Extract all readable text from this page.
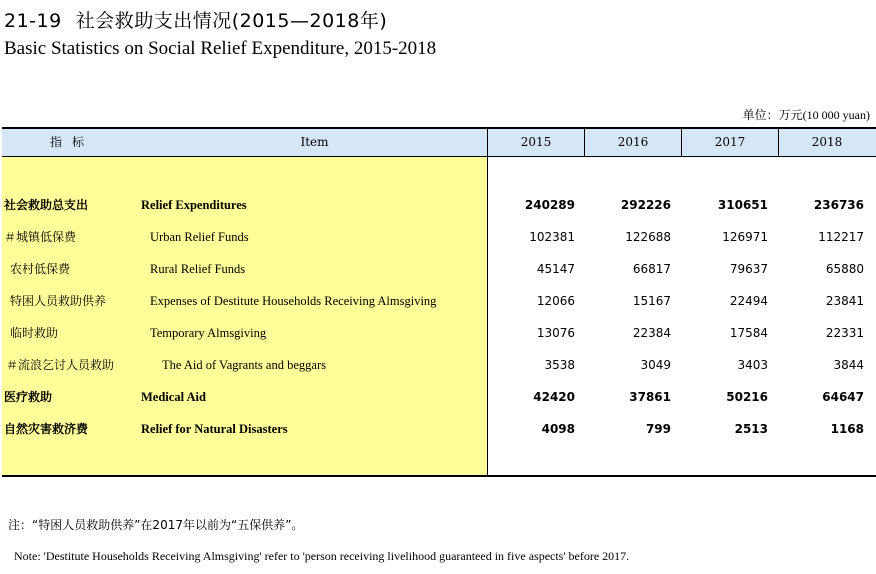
21-19 社会救助支出情况(2015—2018年)
Basic Statistics on Social Relief Expenditure, 2015-2018
单位：万元(10 000 yuan)
指标	Item	2015	2016	2017	2018
社会救助总支出	Relief Expenditures	240289	292226	310651	236736
＃城镇低保费	Urban Relief Funds	102381	122688	126971	112217
农村低保费	Rural Relief Funds	45147	66817	79637	65880
特困人员救助供养	Expenses of Destitute Households Receiving Almsgiving	12066	15167	22494	23841
临时救助	Temporary Almsgiving	13076	22384	17584	22331
＃流浪乞讨人员救助	The Aid of Vagrants and beggars	3538	3049	3403	3844
医疗救助	Medical Aid	42420	37861	50216	64647
自然灾害救济费	Relief for Natural Disasters	4098	799	2513	1168
注：“特困人员救助供养”在2017年以前为“五保供养”。
Note: 'Destitute Households Receiving Almsgiving' refer to 'person receiving livelihood guaranteed in five aspects' before 2017.
